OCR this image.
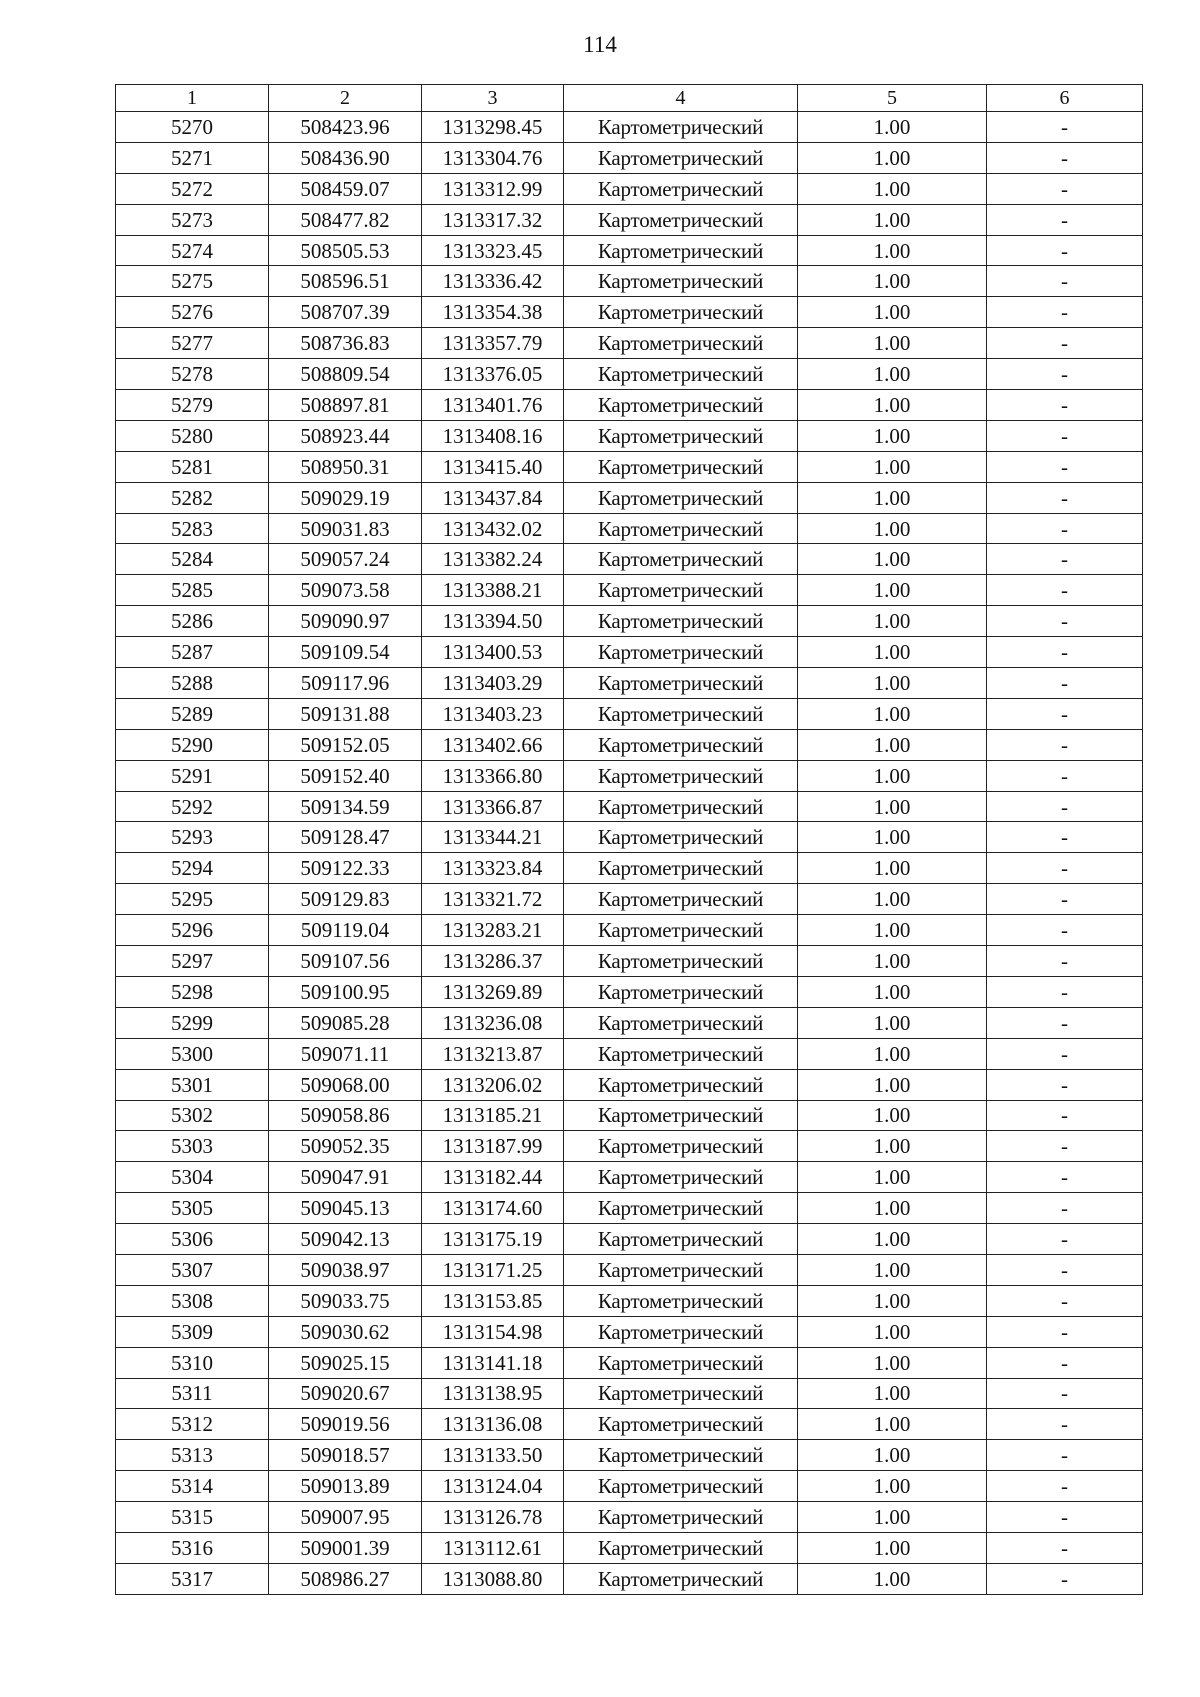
114
1	2	3	4	5	6
5270	508423.96	1313298.45	Картометрический	1.00	-
5271	508436.90	1313304.76	Картометрический	1.00	-
5272	508459.07	1313312.99	Картометрический	1.00	-
5273	508477.82	1313317.32	Картометрический	1.00	-
5274	508505.53	1313323.45	Картометрический	1.00	-
5275	508596.51	1313336.42	Картометрический	1.00	-
5276	508707.39	1313354.38	Картометрический	1.00	-
5277	508736.83	1313357.79	Картометрический	1.00	-
5278	508809.54	1313376.05	Картометрический	1.00	-
5279	508897.81	1313401.76	Картометрический	1.00	-
5280	508923.44	1313408.16	Картометрический	1.00	-
5281	508950.31	1313415.40	Картометрический	1.00	-
5282	509029.19	1313437.84	Картометрический	1.00	-
5283	509031.83	1313432.02	Картометрический	1.00	-
5284	509057.24	1313382.24	Картометрический	1.00	-
5285	509073.58	1313388.21	Картометрический	1.00	-
5286	509090.97	1313394.50	Картометрический	1.00	-
5287	509109.54	1313400.53	Картометрический	1.00	-
5288	509117.96	1313403.29	Картометрический	1.00	-
5289	509131.88	1313403.23	Картометрический	1.00	-
5290	509152.05	1313402.66	Картометрический	1.00	-
5291	509152.40	1313366.80	Картометрический	1.00	-
5292	509134.59	1313366.87	Картометрический	1.00	-
5293	509128.47	1313344.21	Картометрический	1.00	-
5294	509122.33	1313323.84	Картометрический	1.00	-
5295	509129.83	1313321.72	Картометрический	1.00	-
5296	509119.04	1313283.21	Картометрический	1.00	-
5297	509107.56	1313286.37	Картометрический	1.00	-
5298	509100.95	1313269.89	Картометрический	1.00	-
5299	509085.28	1313236.08	Картометрический	1.00	-
5300	509071.11	1313213.87	Картометрический	1.00	-
5301	509068.00	1313206.02	Картометрический	1.00	-
5302	509058.86	1313185.21	Картометрический	1.00	-
5303	509052.35	1313187.99	Картометрический	1.00	-
5304	509047.91	1313182.44	Картометрический	1.00	-
5305	509045.13	1313174.60	Картометрический	1.00	-
5306	509042.13	1313175.19	Картометрический	1.00	-
5307	509038.97	1313171.25	Картометрический	1.00	-
5308	509033.75	1313153.85	Картометрический	1.00	-
5309	509030.62	1313154.98	Картометрический	1.00	-
5310	509025.15	1313141.18	Картометрический	1.00	-
5311	509020.67	1313138.95	Картометрический	1.00	-
5312	509019.56	1313136.08	Картометрический	1.00	-
5313	509018.57	1313133.50	Картометрический	1.00	-
5314	509013.89	1313124.04	Картометрический	1.00	-
5315	509007.95	1313126.78	Картометрический	1.00	-
5316	509001.39	1313112.61	Картометрический	1.00	-
5317	508986.27	1313088.80	Картометрический	1.00	-
